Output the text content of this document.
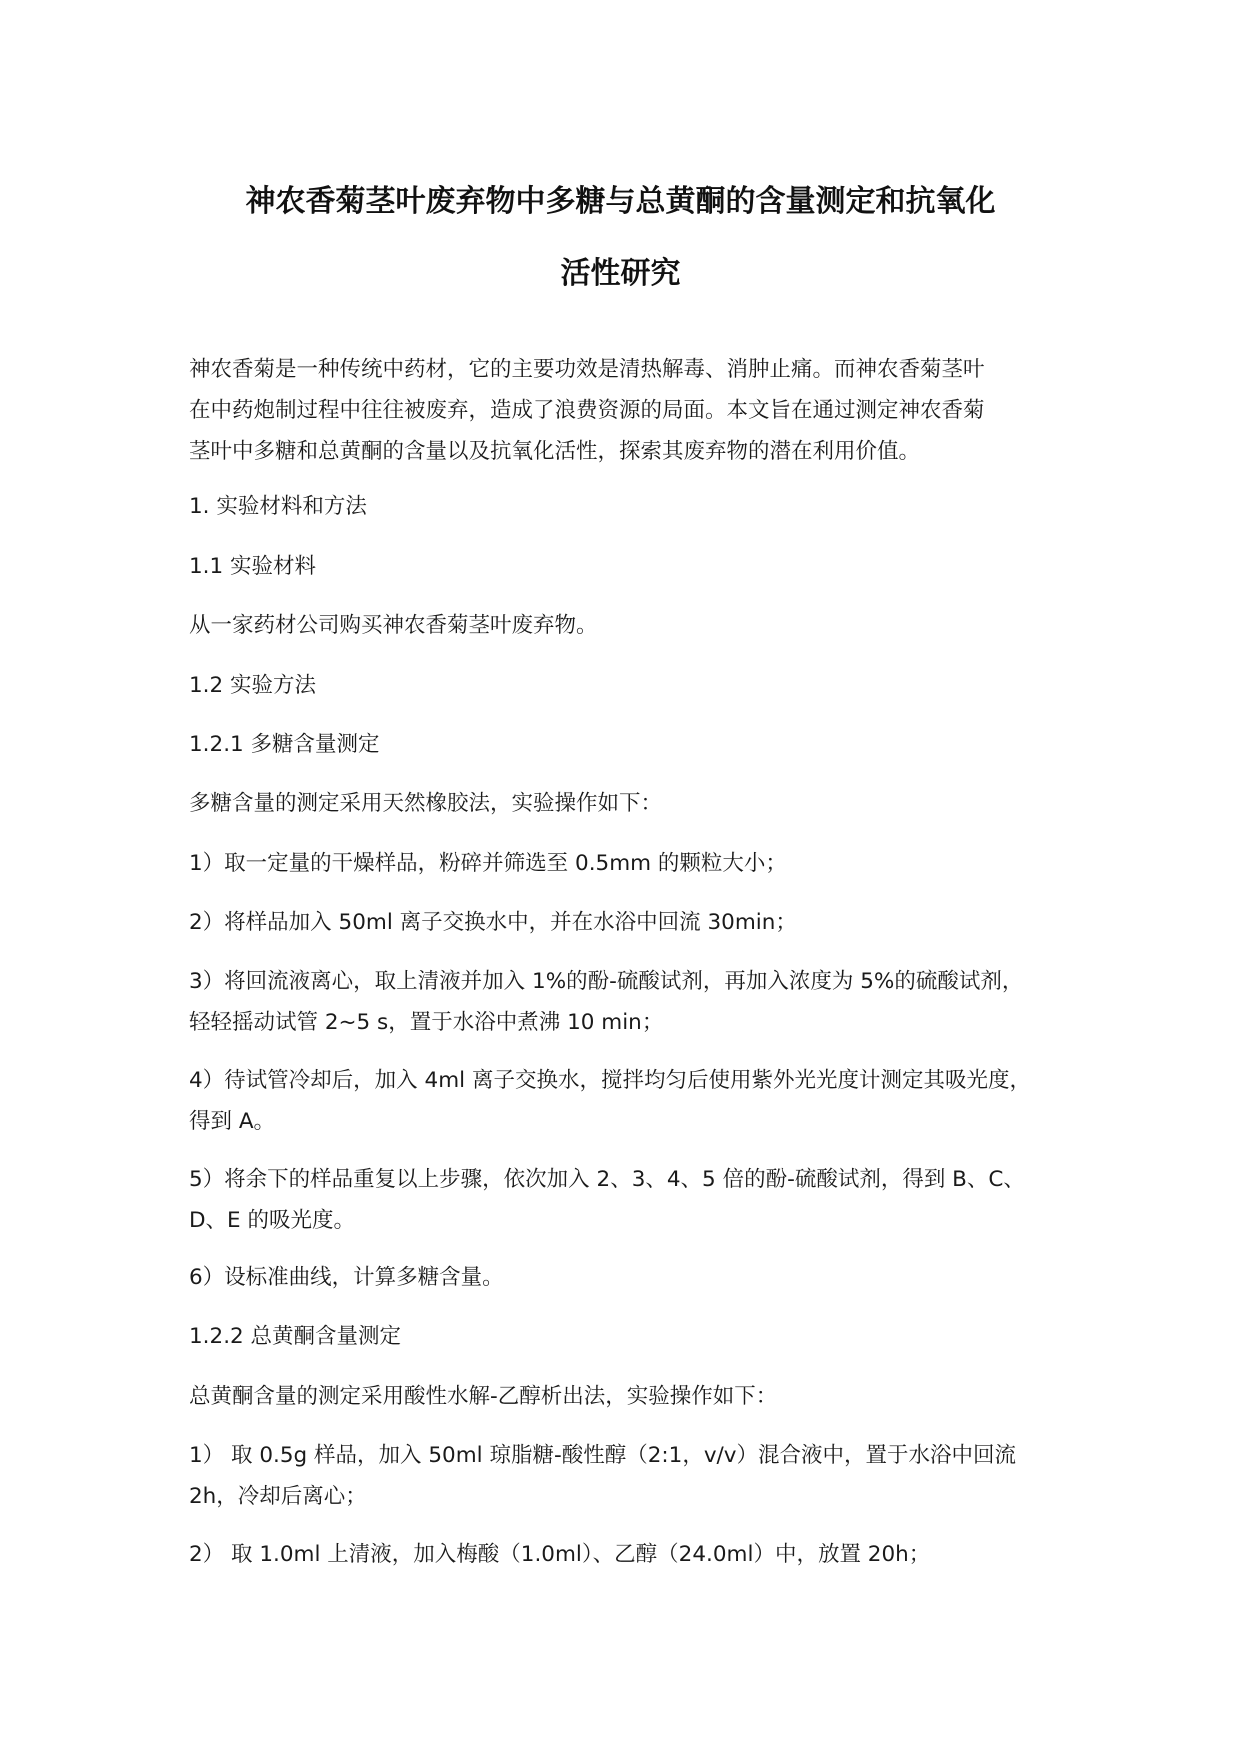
神农香菊茎叶废弃物中多糖与总黄酮的含量测定和抗氧化
活性研究
神农香菊是一种传统中药材，它的主要功效是清热解毒、消肿止痛。而神农香菊茎叶
在中药炮制过程中往往被废弃，造成了浪费资源的局面。本文旨在通过测定神农香菊
茎叶中多糖和总黄酮的含量以及抗氧化活性，探索其废弃物的潜在利用价值。
1. 实验材料和方法
1.1 实验材料
从一家药材公司购买神农香菊茎叶废弃物。
1.2 实验方法
1.2.1 多糖含量测定
多糖含量的测定采用天然橡胶法，实验操作如下：
1）取一定量的干燥样品，粉碎并筛选至 0.5mm 的颗粒大小；
2）将样品加入 50ml 离子交换水中，并在水浴中回流 30min；
3）将回流液离心，取上清液并加入 1%的酚-硫酸试剂，再加入浓度为 5%的硫酸试剂，
轻轻摇动试管 2~5 s，置于水浴中煮沸 10 min；
4）待试管冷却后，加入 4ml 离子交换水，搅拌均匀后使用紫外光光度计测定其吸光度，
得到 A。
5）将余下的样品重复以上步骤，依次加入 2、3、4、5 倍的酚-硫酸试剂，得到 B、C、
D、E 的吸光度。
6）设标准曲线，计算多糖含量。
1.2.2 总黄酮含量测定
总黄酮含量的测定采用酸性水解-乙醇析出法，实验操作如下：
1） 取 0.5g 样品，加入 50ml 琼脂糖-酸性醇（2:1，v/v）混合液中，置于水浴中回流
2h，冷却后离心；
2） 取 1.0ml 上清液，加入梅酸（1.0ml）、乙醇（24.0ml）中，放置 20h；
